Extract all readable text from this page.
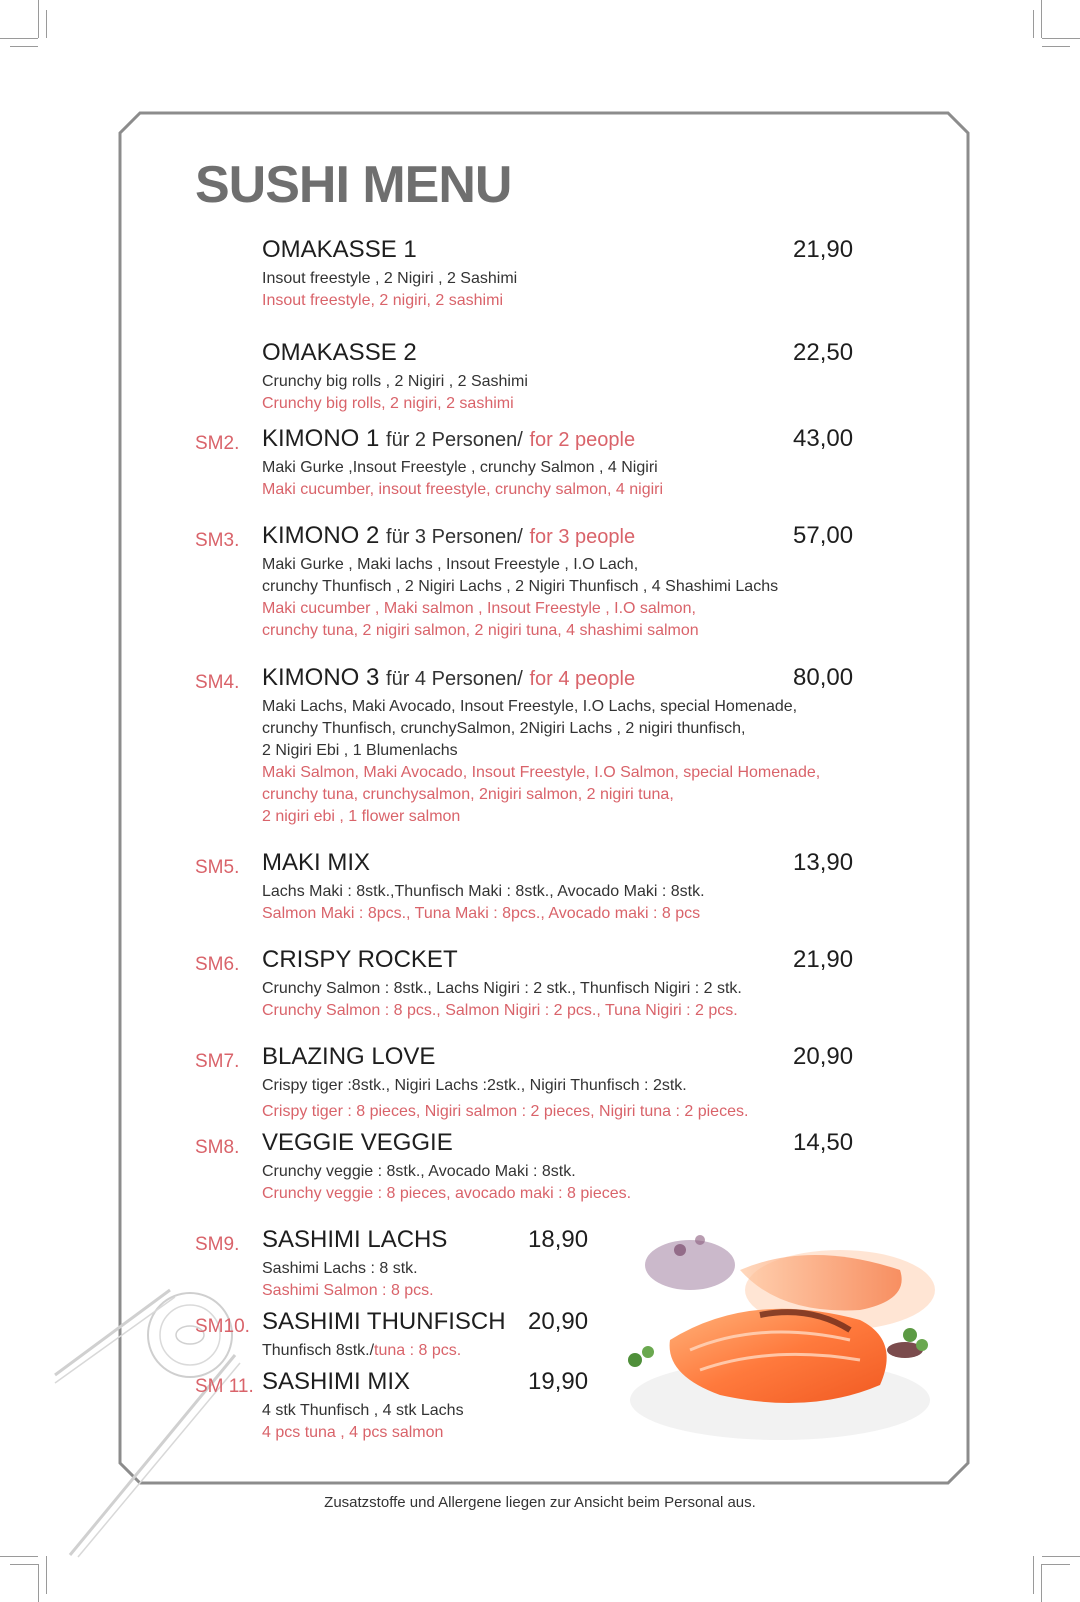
SUSHI MENU
OMAKASSE 1	21,90
Insout freestyle , 2 Nigiri , 2 Sashimi
Insout freestyle, 2 nigiri, 2 sashimi
OMAKASSE 2	22,50
Crunchy big rolls , 2 Nigiri , 2 Sashimi
Crunchy big rolls, 2 nigiri, 2 sashimi
SM2. KIMONO 1 für 2 Personen/ for 2 people	43,00
Maki Gurke ,Insout Freestyle , crunchy Salmon , 4 Nigiri
Maki cucumber, insout freestyle, crunchy salmon, 4 nigiri
SM3. KIMONO 2 für 3 Personen/ for 3 people	57,00
Maki Gurke , Maki lachs , Insout Freestyle , I.O Lach,
crunchy Thunfisch , 2 Nigiri Lachs , 2 Nigiri Thunfisch , 4 Shashimi Lachs
Maki cucumber , Maki salmon , Insout Freestyle , I.O salmon,
crunchy tuna, 2 nigiri salmon, 2 nigiri tuna, 4 shashimi salmon
SM4. KIMONO 3 für 4 Personen/ for 4 people	80,00
Maki Lachs, Maki Avocado, Insout Freestyle, I.O Lachs, special Homenade,
crunchy Thunfisch, crunchySalmon, 2Nigiri Lachs , 2 nigiri thunfisch,
2 Nigiri Ebi , 1 Blumenlachs
Maki Salmon, Maki Avocado, Insout Freestyle, I.O Salmon, special Homenade,
crunchy tuna, crunchysalmon, 2nigiri salmon, 2 nigiri tuna,
2 nigiri ebi , 1 flower salmon
SM5. MAKI MIX	13,90
Lachs Maki : 8stk.,Thunfisch Maki : 8stk., Avocado Maki : 8stk.
Salmon Maki : 8pcs., Tuna Maki : 8pcs., Avocado maki : 8 pcs
SM6. CRISPY ROCKET	21,90
Crunchy Salmon : 8stk., Lachs Nigiri : 2 stk., Thunfisch Nigiri : 2 stk.
Crunchy Salmon : 8 pcs., Salmon Nigiri : 2 pcs., Tuna Nigiri : 2 pcs.
SM7. BLAZING LOVE	20,90
Crispy tiger :8stk., Nigiri Lachs :2stk., Nigiri Thunfisch : 2stk.
Crispy tiger : 8 pieces, Nigiri salmon : 2 pieces, Nigiri tuna : 2 pieces.
SM8. VEGGIE VEGGIE	14,50
Crunchy veggie : 8stk., Avocado Maki : 8stk.
Crunchy veggie : 8 pieces, avocado maki : 8 pieces.
SM9. SASHIMI LACHS	18,90
Sashimi Lachs : 8 stk.
Sashimi Salmon : 8 pcs.
SM10. SASHIMI THUNFISCH 20,90
Thunfisch 8stk./tuna : 8 pcs.
SM 11. SASHIMI MIX	19,90
4 stk Thunfisch , 4 stk Lachs
4 pcs tuna , 4 pcs salmon
Zusatzstoffe und Allergene liegen zur Ansicht beim Personal aus.
